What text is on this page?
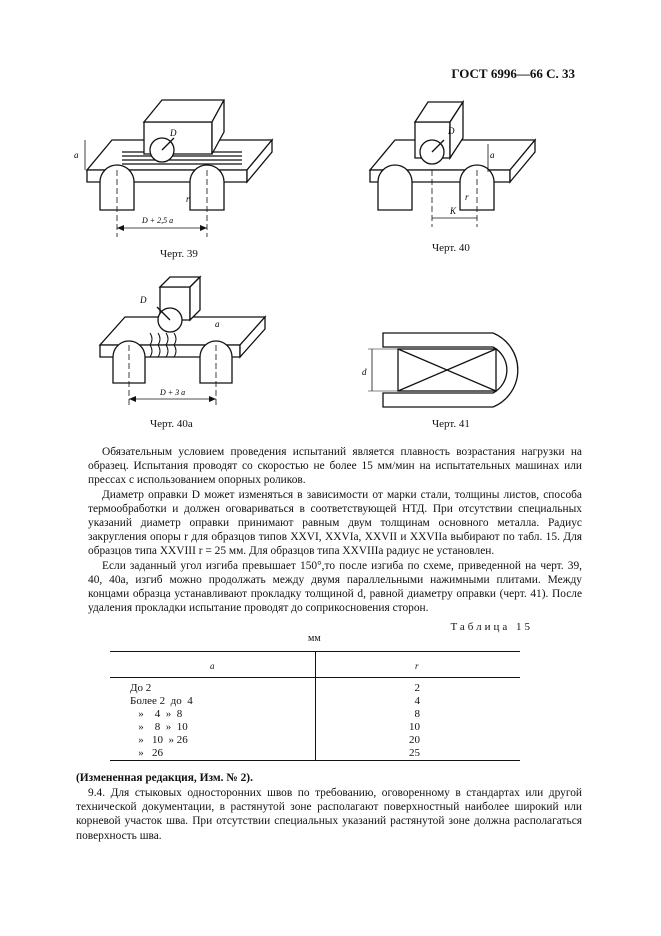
ГОСТ 6996—66 С. 33
a
D
r
D + 2,5 a
Черт. 39
a
D
r
K
Черт. 40
a
D
D + 3 a
Черт. 40а
d
Черт. 41

Обязательным условием проведения испытаний является плавность возрастания нагрузки на образец. Испытания проводят со скоростью не более 15 мм/мин на испытательных машинах или прессах с использованием опорных роликов.

Диаметр оправки D может изменяться в зависимости от марки стали, толщины листов, способа термообработки и должен оговариваться в соответствующей НТД. При отсутствии специальных указаний диаметр оправки принимают равным двум толщинам основного металла. Радиус закругления опоры r для образцов типов XXVI, XXVIа, XXVII и XXVIIа выбирают по табл. 15. Для образцов типа XXVIII r = 25 мм. Для образцов типа XXVIIIа радиус не установлен.

Если заданный угол изгиба превышает 150°,то после изгиба по схеме, приведенной на черт. 39, 40, 40а, изгиб можно продолжать между двумя параллельными нажимными плитами. Между концами образца устанавливают прокладку толщиной d, равной диаметру оправки (черт. 41). После удаления прокладки испытание проводят до соприкосновения сторон.

Таблица 15
мм
a	r
До 2	2
Более 2  до  4	4
»    4  »  8	8
»    8  »  10	10
»   10  » 26	20
»   26	25
(Измененная редакция, Изм. № 2).

9.4. Для стыковых односторонних швов по требованию, оговоренному в стандартах или другой технической документации, в растянутой зоне располагают поверхностный наиболее широкий или корневой участок шва. При отсутствии специальных указаний растянутой зоне должна располагаться поверхность шва.
